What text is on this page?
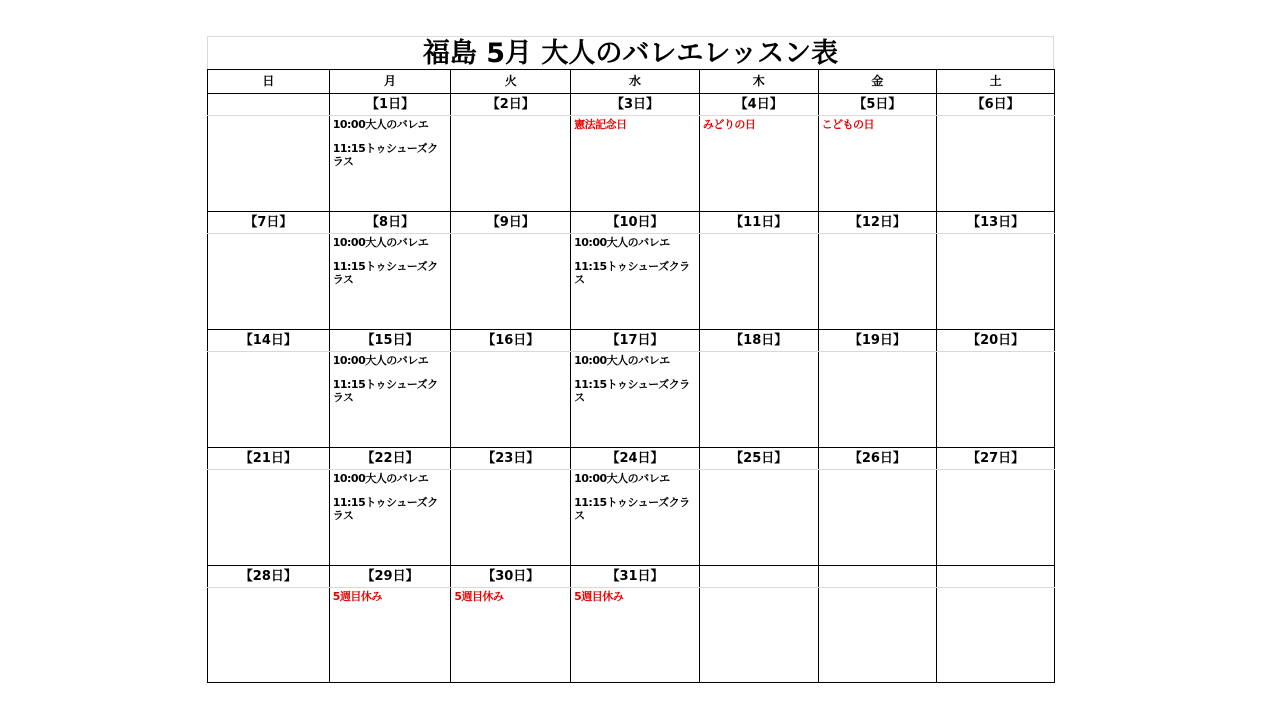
福島 5月 大人のバレエレッスン表
日	月	火	水	木	金	土
	【1日】	【2日】	【3日】	【4日】	【5日】	【6日】

	10:00大人のバレエ
11:15トゥシューズクラス		憲法記念日	みどりの日	こどもの日	

【7日】	【8日】	【9日】	【10日】	【11日】	【12日】	【13日】

	10:00大人のバレエ
11:15トゥシューズクラス		10:00大人のバレエ
11:15トゥシューズクラス			

【14日】	【15日】	【16日】	【17日】	【18日】	【19日】	【20日】

	10:00大人のバレエ
11:15トゥシューズクラス		10:00大人のバレエ
11:15トゥシューズクラス			

【21日】	【22日】	【23日】	【24日】	【25日】	【26日】	【27日】

	10:00大人のバレエ
11:15トゥシューズクラス		10:00大人のバレエ
11:15トゥシューズクラス			

【28日】	【29日】	【30日】	【31日】			

	5週目休み	5週目休み	5週目休み			
